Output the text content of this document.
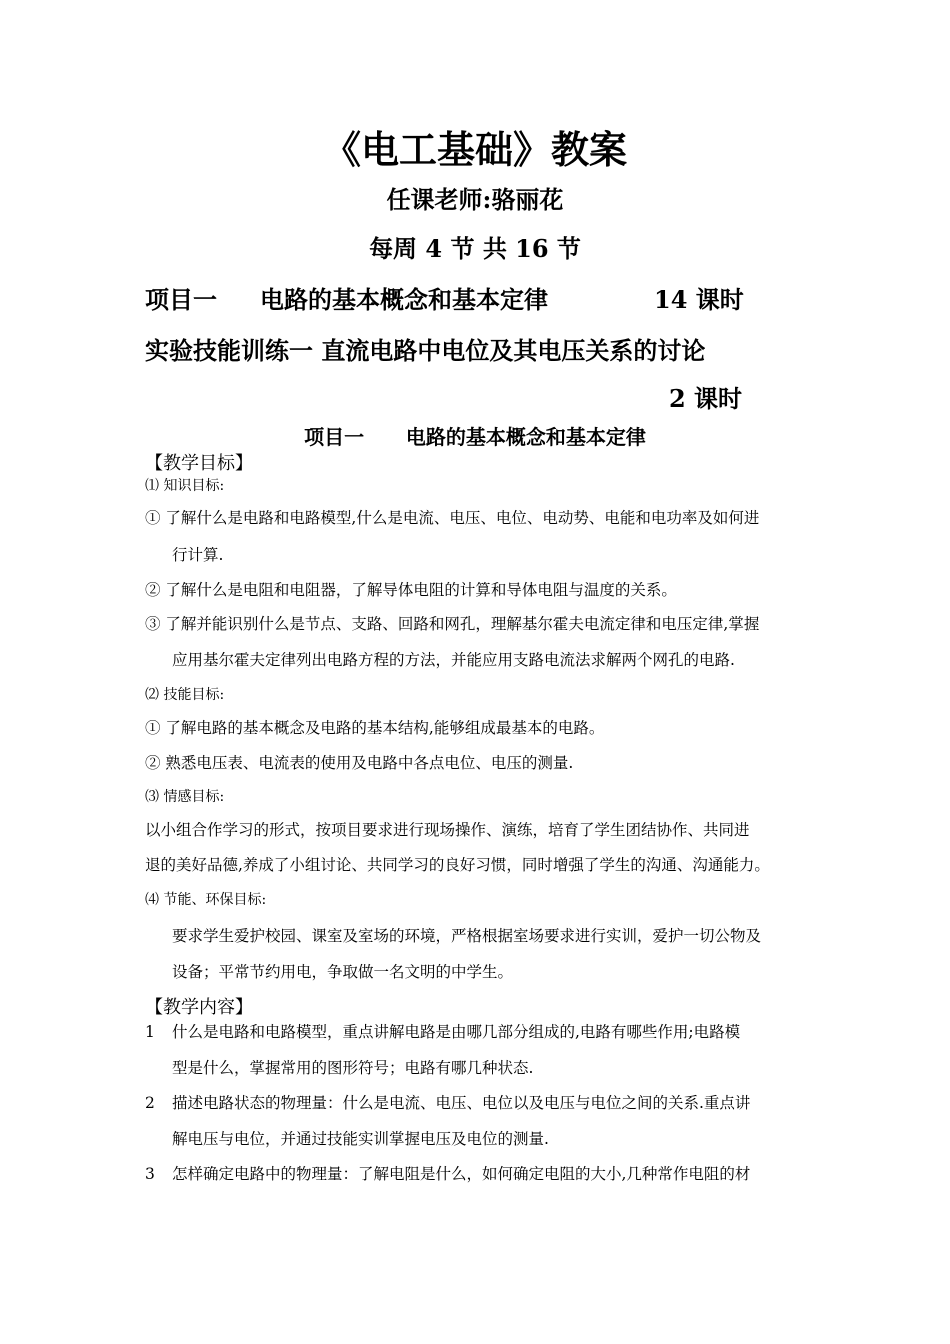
《电工基础》教案
任课老师:骆丽花
每周 4 节 共 16 节
项目一 电路的基本概念和基本定律	14 课时
实验技能训练一 直流电路中电位及其电压关系的讨论
2 课时
项目一 电路的基本概念和基本定律
【教学目标】
⑴ 知识目标:
① 了解什么是电路和电路模型,什么是电流、电压、电位、电动势、电能和电功率及如何进
行计算.
② 了解什么是电阻和电阻器，了解导体电阻的计算和导体电阻与温度的关系。
③ 了解并能识别什么是节点、支路、回路和网孔，理解基尔霍夫电流定律和电压定律,掌握
应用基尔霍夫定律列出电路方程的方法，并能应用支路电流法求解两个网孔的电路.
⑵ 技能目标:
① 了解电路的基本概念及电路的基本结构,能够组成最基本的电路。
② 熟悉电压表、电流表的使用及电路中各点电位、电压的测量.
⑶ 情感目标:
以小组合作学习的形式，按项目要求进行现场操作、演练，培育了学生团结协作、共同进
退的美好品德,养成了小组讨论、共同学习的良好习惯，同时增强了学生的沟通、沟通能力。
⑷ 节能、环保目标:
要求学生爱护校园、课室及室场的环境，严格根据室场要求进行实训，爱护一切公物及
设备；平常节约用电，争取做一名文明的中学生。
【教学内容】
1 什么是电路和电路模型，重点讲解电路是由哪几部分组成的,电路有哪些作用;电路模
型是什么，掌握常用的图形符号；电路有哪几种状态.
2 描述电路状态的物理量：什么是电流、电压、电位以及电压与电位之间的关系.重点讲
解电压与电位，并通过技能实训掌握电压及电位的测量.
3 怎样确定电路中的物理量：了解电阻是什么，如何确定电阻的大小,几种常作电阻的材
